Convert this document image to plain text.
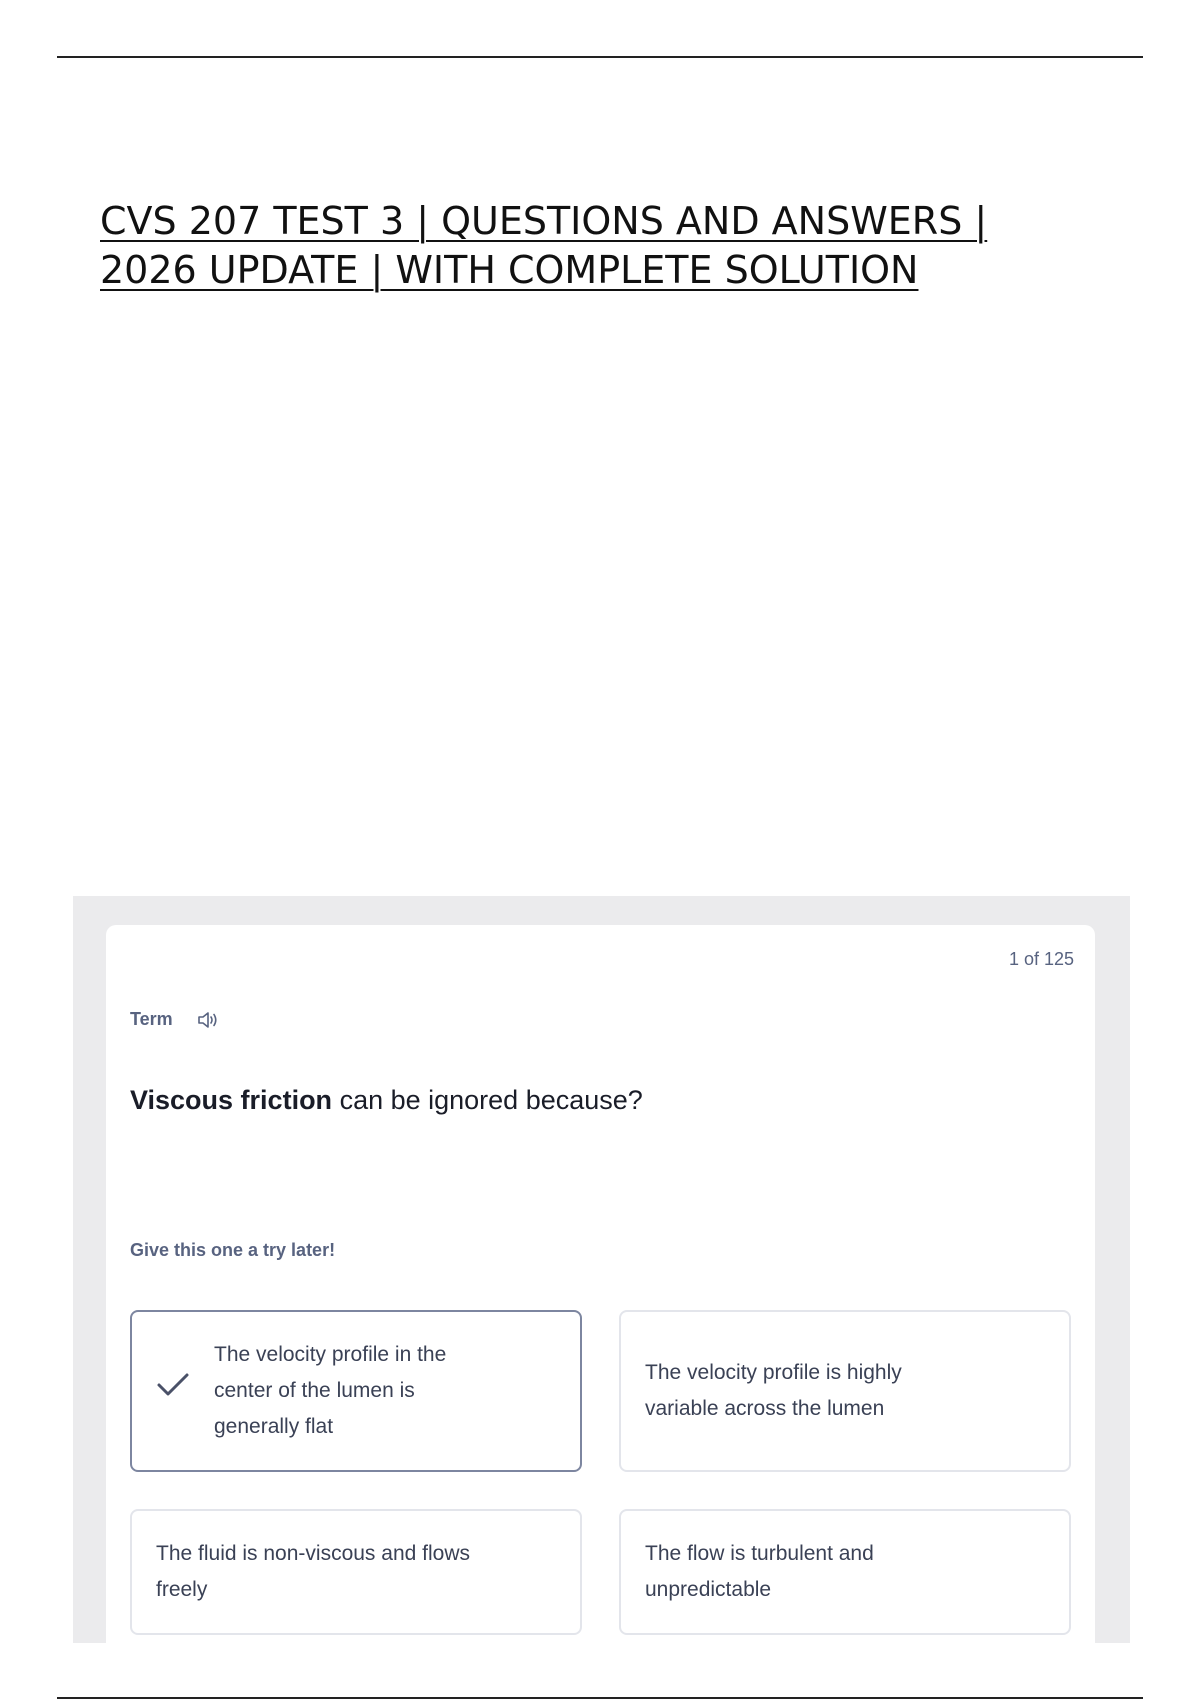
CVS 207 TEST 3 | QUESTIONS AND ANSWERS |
2026 UPDATE | WITH COMPLETE SOLUTION
1 of 125
Term
Viscous friction can be ignored because?
Give this one a try later!
The velocity profile in the center of the lumen is generally flat
The velocity profile is highly variable across the lumen
The fluid is non-viscous and flows freely
The flow is turbulent and unpredictable
